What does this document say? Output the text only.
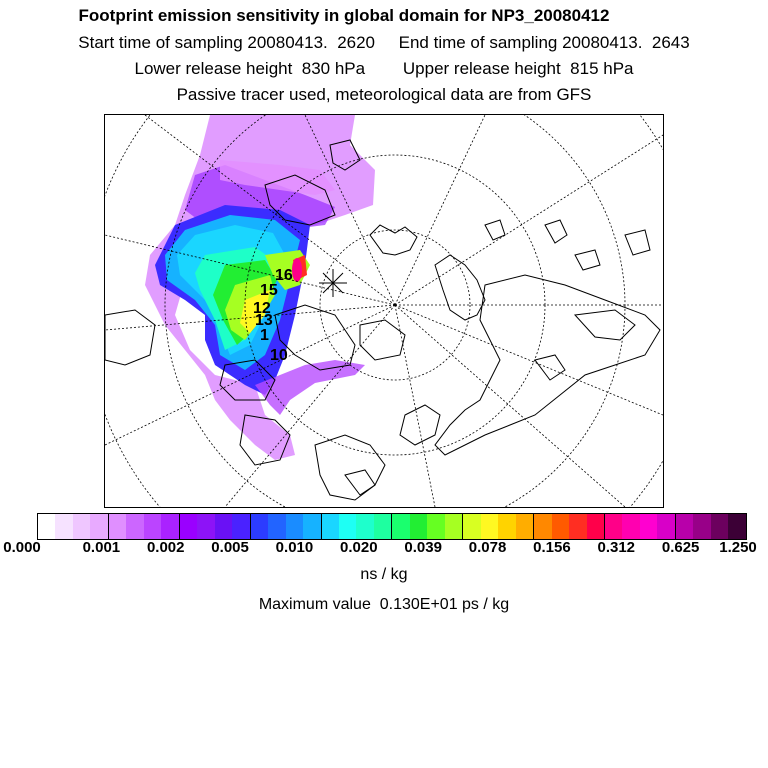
Footprint emission sensitivity in global domain for NP3_20080412
Start time of sampling 20080413.  2620     End time of sampling 20080413.  2643
Lower release height  830 hPa        Upper release height  815 hPa
Passive tracer used, meteorological data are from GFS
13
15
16
12
1
10
0.000	0.001 0.002 0.005 0.010 0.020 0.039 0.078 0.156 0.312 0.625 1.250
ns / kg
Maximum value  0.130E+01 ps / kg
